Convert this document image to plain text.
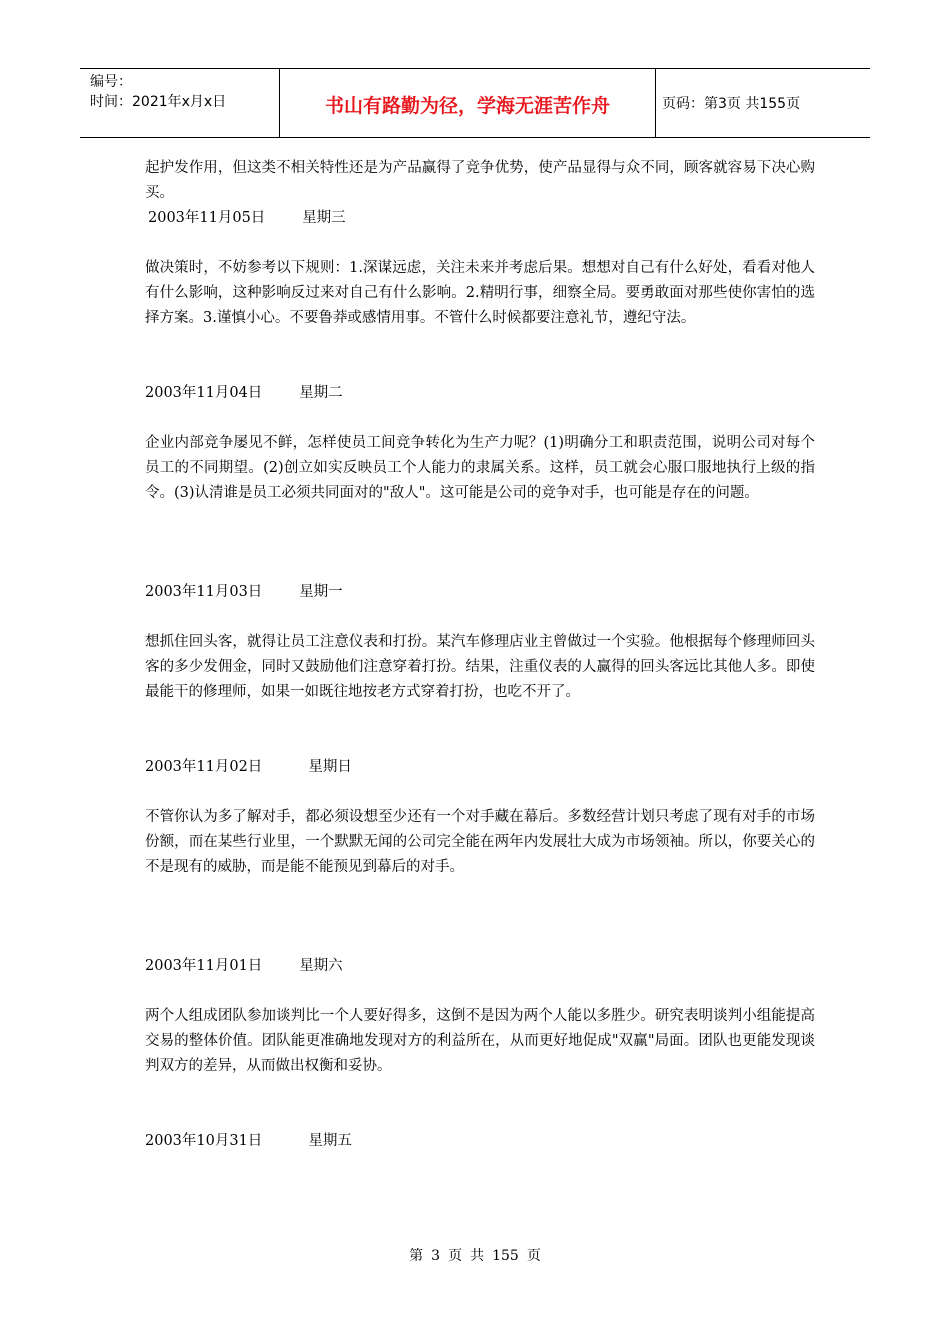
编号：
时间：2021年x月x日	书山有路勤为径，学海无涯苦作舟	页码：第3页 共155页

起护发作用，但这类不相关特性还是为产品赢得了竞争优势，使产品显得与众不同，顾客就容易下决心购买。

2003年11月05日	星期三

做决策时，不妨参考以下规则：1.深谋远虑，关注未来并考虑后果。想想对自己有什么好处，看看对他人有什么影响，这种影响反过来对自己有什么影响。2.精明行事，细察全局。要勇敢面对那些使你害怕的选择方案。3.谨慎小心。不要鲁莽或感情用事。不管什么时候都要注意礼节，遵纪守法。

2003年11月04日	星期二

企业内部竞争屡见不鲜，怎样使员工间竞争转化为生产力呢？(1)明确分工和职责范围，说明公司对每个员工的不同期望。(2)创立如实反映员工个人能力的隶属关系。这样，员工就会心服口服地执行上级的指令。(3)认清谁是员工必须共同面对的"敌人"。这可能是公司的竞争对手，也可能是存在的问题。

2003年11月03日	星期一

想抓住回头客，就得让员工注意仪表和打扮。某汽车修理店业主曾做过一个实验。他根据每个修理师回头客的多少发佣金，同时又鼓励他们注意穿着打扮。结果，注重仪表的人赢得的回头客远比其他人多。即使最能干的修理师，如果一如既往地按老方式穿着打扮，也吃不开了。

2003年11月02日	星期日

不管你认为多了解对手，都必须设想至少还有一个对手藏在幕后。多数经营计划只考虑了现有对手的市场份额，而在某些行业里，一个默默无闻的公司完全能在两年内发展壮大成为市场领袖。所以，你要关心的不是现有的威胁，而是能不能预见到幕后的对手。

2003年11月01日	星期六

两个人组成团队参加谈判比一个人要好得多，这倒不是因为两个人能以多胜少。研究表明谈判小组能提高交易的整体价值。团队能更准确地发现对方的利益所在，从而更好地促成"双赢"局面。团队也更能发现谈判双方的差异，从而做出权衡和妥协。

2003年10月31日	星期五
第 3 页 共 155 页
